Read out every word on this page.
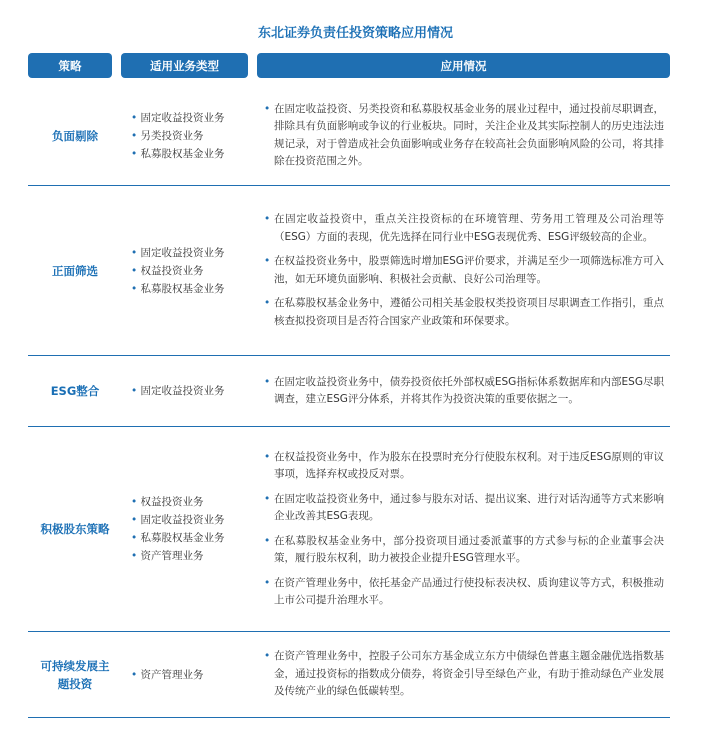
东北证券负责任投资策略应用情况
策略	适用业务类型	应用情况
负面剔除
• 固定收益投资业务
• 另类投资业务
• 私募股权基金业务
• 在固定收益投资、另类投资和私募股权基金业务的展业过程中，通过投前尽职调查，排除具有负面影响或争议的行业板块。同时，关注企业及其实际控制人的历史违法违规记录，对于曾造成社会负面影响或业务存在较高社会负面影响风险的公司，将其排除在投资范围之外。
正面筛选
• 固定收益投资业务
• 权益投资业务
• 私募股权基金业务
• 在固定收益投资中，重点关注投资标的在环境管理、劳务用工管理及公司治理等（ESG）方面的表现，优先选择在同行业中ESG表现优秀、ESG评级较高的企业。
• 在权益投资业务中，股票筛选时增加ESG评价要求，并满足至少一项筛选标准方可入池，如无环境负面影响、积极社会贡献、良好公司治理等。
• 在私募股权基金业务中，遵循公司相关基金股权类投资项目尽职调查工作指引，重点核查拟投资项目是否符合国家产业政策和环保要求。
ESG整合
•	固定收益投资业务
• 在固定收益投资业务中，债券投资依托外部权威ESG指标体系数据库和内部ESG尽职调查，建立ESG评分体系，并将其作为投资决策的重要依据之一。
积极股东策略
• 权益投资业务
• 固定收益投资业务
• 私募股权基金业务
• 资产管理业务
• 在权益投资业务中，作为股东在投票时充分行使股东权利。对于违反ESG原则的审议事项，选择弃权或投反对票。
• 在固定收益投资业务中，通过参与股东对话、提出议案、进行对话沟通等方式来影响企业改善其ESG表现。
• 在私募股权基金业务中，部分投资项目通过委派董事的方式参与标的企业董事会决策，履行股东权利，助力被投企业提升ESG管理水平。
• 在资产管理业务中，依托基金产品通过行使投标表决权、质询建议等方式，积极推动上市公司提升治理水平。
可持续发展主题投资
• 资产管理业务
• 在资产管理业务中，控股子公司东方基金成立东方中债绿色普惠主题金融优选指数基金，通过投资标的指数成分债券，将资金引导至绿色产业，有助于推动绿色产业发展及传统产业的绿色低碳转型。
